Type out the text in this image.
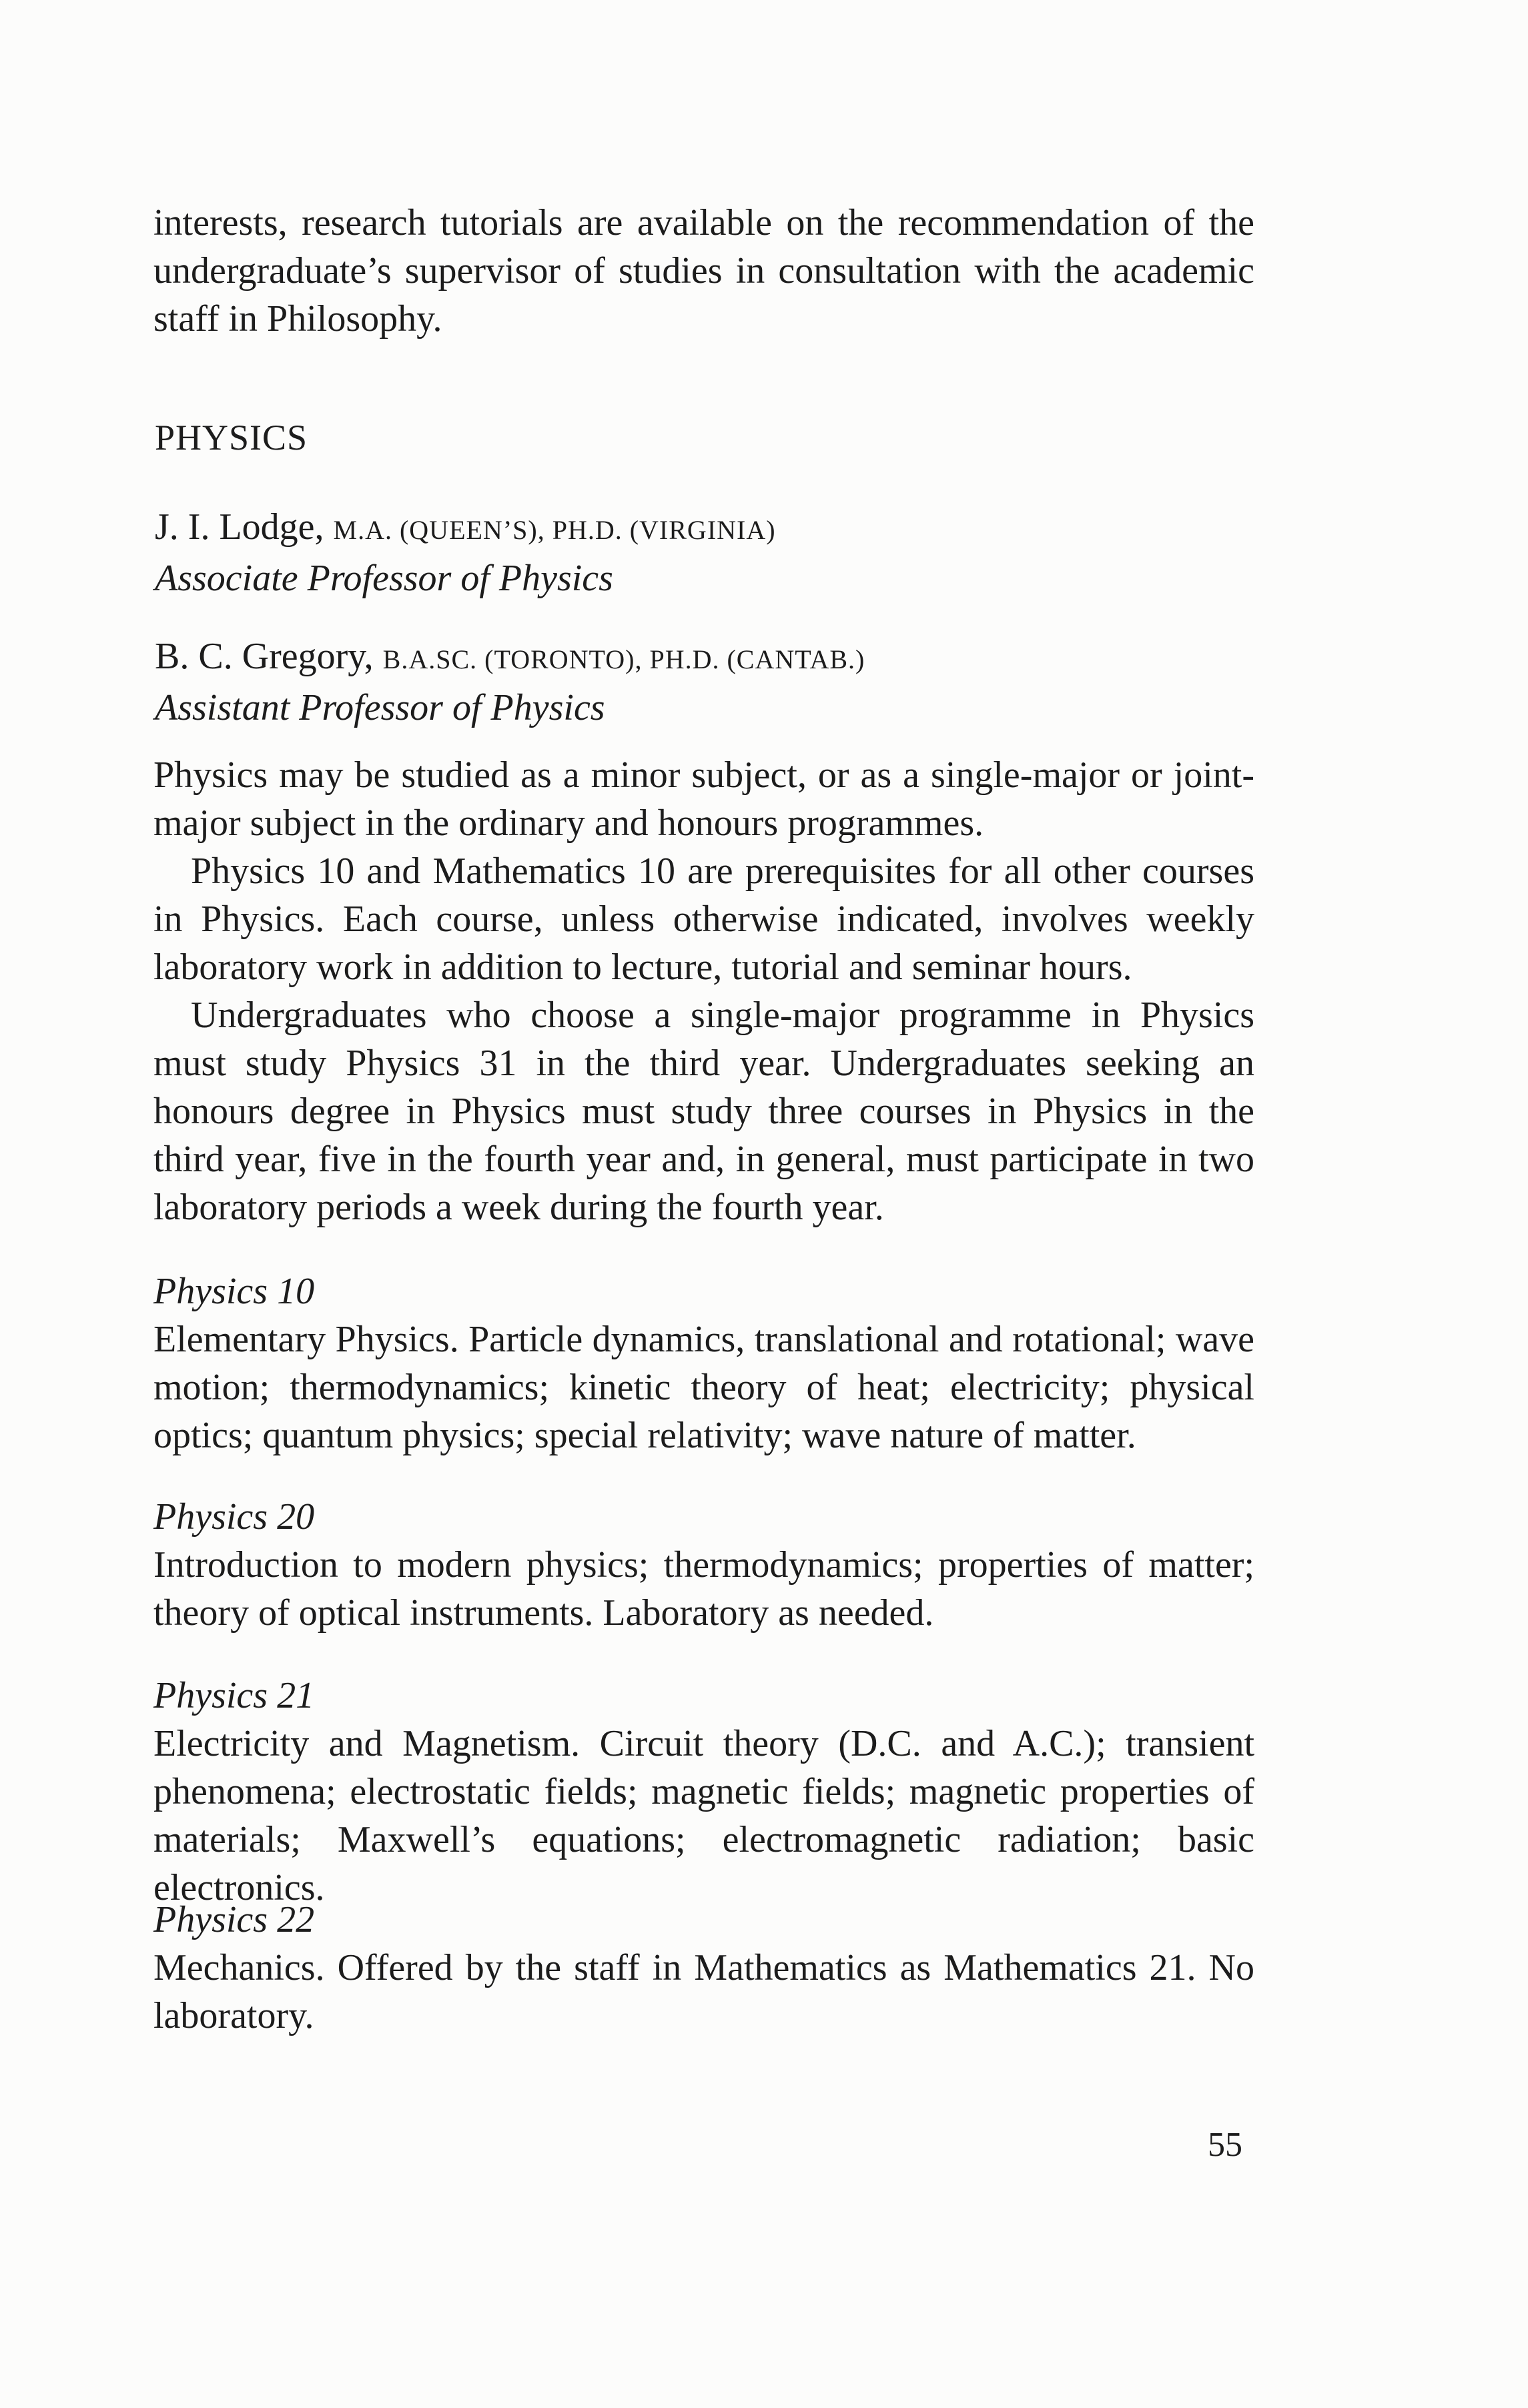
interests, research tutorials are available on the recommendation of the undergraduate’s supervisor of studies in consultation with the academic staff in Philosophy.

PHYSICS
J. I. Lodge, M.A. (QUEEN’S), PH.D. (VIRGINIA)
Associate Professor of Physics
B. C. Gregory, B.A.SC. (TORONTO), PH.D. (CANTAB.)
Assistant Professor of Physics

Physics may be studied as a minor subject, or as a single-major or joint-major subject in the ordinary and honours programmes.

Physics 10 and Mathematics 10 are prerequisites for all other courses in Physics. Each course, unless otherwise indicated, involves weekly laboratory work in addition to lecture, tutorial and seminar hours.

Undergraduates who choose a single-major programme in Physics must study Physics 31 in the third year. Undergraduates seeking an honours degree in Physics must study three courses in Physics in the third year, five in the fourth year and, in general, must participate in two laboratory periods a week during the fourth year.

Physics 10

Elementary Physics. Particle dynamics, translational and rotational; wave motion; thermodynamics; kinetic theory of heat; electricity; physical optics; quantum physics; special relativity; wave nature of matter.

Physics 20

Introduction to modern physics; thermodynamics; properties of matter; theory of optical instruments. Laboratory as needed.

Physics 21

Electricity and Magnetism. Circuit theory (D.C. and A.C.); transient phenomena; electrostatic fields; magnetic fields; magnetic properties of materials; Maxwell’s equations; electromagnetic radiation; basic electronics.

Physics 22

Mechanics. Offered by the staff in Mathematics as Mathematics 21. No laboratory.

55
